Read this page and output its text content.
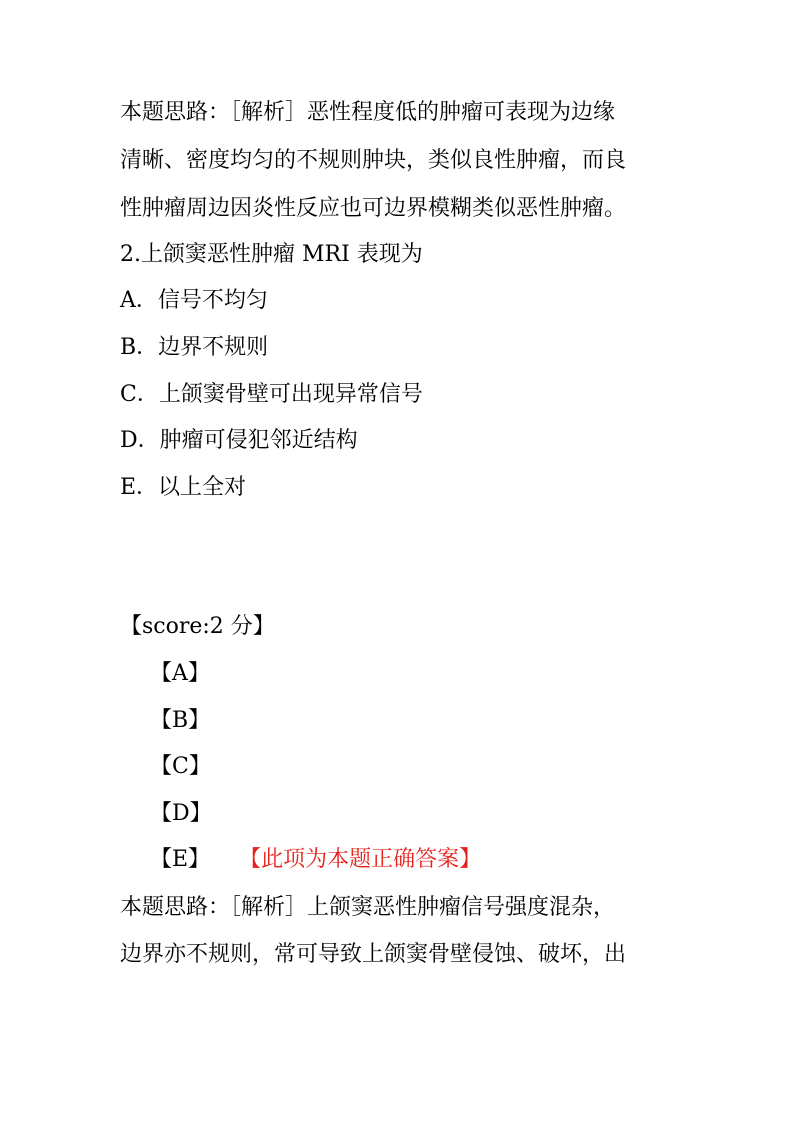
本题思路：［解析］恶性程度低的肿瘤可表现为边缘
清晰、密度均匀的不规则肿块，类似良性肿瘤，而良
性肿瘤周边因炎性反应也可边界模糊类似恶性肿瘤。
2.上颌窦恶性肿瘤 MRI 表现为
A．信号不均匀
B．边界不规则
C．上颌窦骨壁可出现异常信号
D．肿瘤可侵犯邻近结构
E．以上全对
【score:2 分】
【A】
【B】
【C】
【D】
【E】 【此项为本题正确答案】
本题思路：［解析］上颌窦恶性肿瘤信号强度混杂，
边界亦不规则，常可导致上颌窦骨壁侵蚀、破坏，出
